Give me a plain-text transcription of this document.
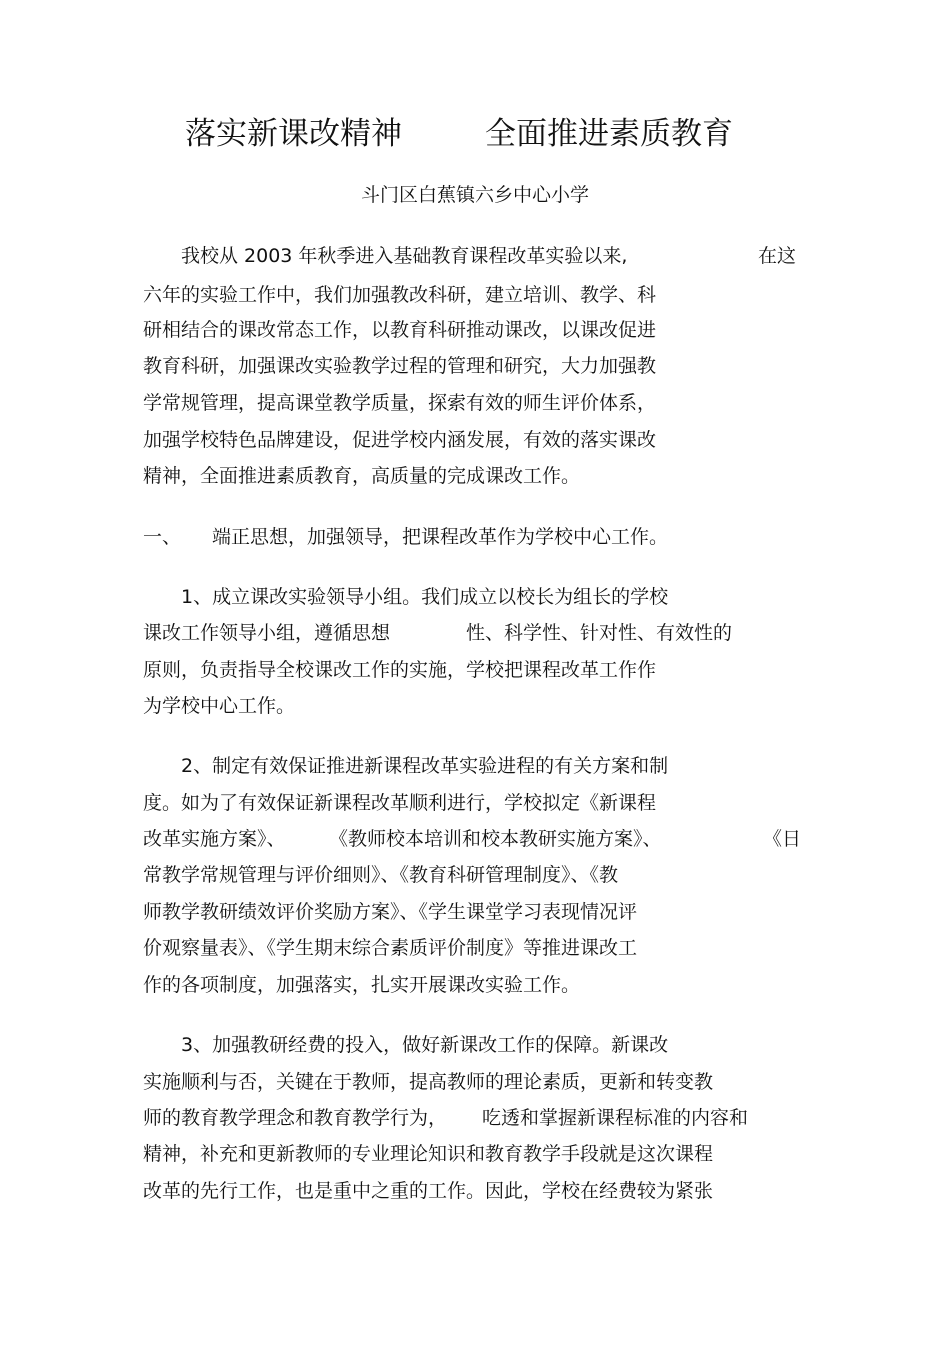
落实新课改精神	全面推进素质教育
斗门区白蕉镇六乡中心小学
我校从 2003 年秋季进入基础教育课程改革实验以来,	在这
六年的实验工作中，我们加强教改科研，建立培训、教学、科
研相结合的课改常态工作，以教育科研推动课改，以课改促进
教育科研，加强课改实验教学过程的管理和研究，大力加强教
学常规管理，提高课堂教学质量，探索有效的师生评价体系，
加强学校特色品牌建设，促进学校内涵发展，有效的落实课改
精神，全面推进素质教育，高质量的完成课改工作。
一、 端正思想，加强领导，把课程改革作为学校中心工作。
1、成立课改实验领导小组。我们成立以校长为组长的学校
课改工作领导小组，遵循思想	性、科学性、针对性、有效性的
原则，负责指导全校课改工作的实施，学校把课程改革工作作
为学校中心工作。
2、制定有效保证推进新课程改革实验进程的有关方案和制
度。如为了有效保证新课程改革顺利进行，学校拟定《新课程
改革实施方案》、 《教师校本培训和校本教研实施方案》、	《日
常教学常规管理与评价细则》、《教育科研管理制度》、《教
师教学教研绩效评价奖励方案》、《学生课堂学习表现情况评
价观察量表》、《学生期末综合素质评价制度》等推进课改工
作的各项制度，加强落实，扎实开展课改实验工作。
3、加强教研经费的投入，做好新课改工作的保障。新课改
实施顺利与否，关键在于教师，提高教师的理论素质，更新和转变教
师的教育教学理念和教育教学行为， 吃透和掌握新课程标准的内容和
精神，补充和更新教师的专业理论知识和教育教学手段就是这次课程
改革的先行工作，也是重中之重的工作。因此，学校在经费较为紧张
